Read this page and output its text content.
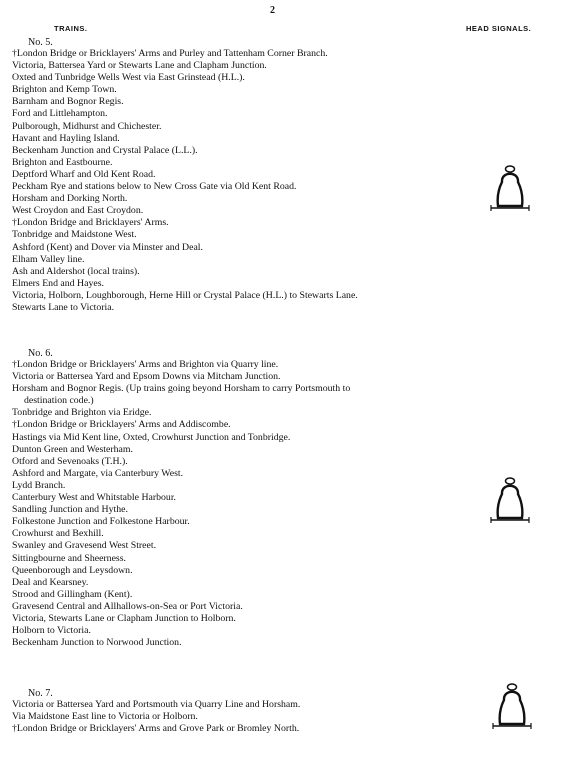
2
TRAINS.	HEAD SIGNALS.
No. 5.
†London Bridge or Bricklayers' Arms and Purley and Tattenham Corner Branch.
Victoria, Battersea Yard or Stewarts Lane and Clapham Junction.
Oxted and Tunbridge Wells West via East Grinstead (H.L.).
Brighton and Kemp Town.
Barnham and Bognor Regis.
Ford and Littlehampton.
Pulborough, Midhurst and Chichester.
Havant and Hayling Island.
Beckenham Junction and Crystal Palace (L.L.).
Brighton and Eastbourne.
Deptford Wharf and Old Kent Road.
Peckham Rye and stations below to New Cross Gate via Old Kent Road.
Horsham and Dorking North.
West Croydon and East Croydon.
†London Bridge and Bricklayers' Arms.
Tonbridge and Maidstone West.
Ashford (Kent) and Dover via Minster and Deal.
Elham Valley line.
Ash and Aldershot (local trains).
Elmers End and Hayes.
Victoria, Holborn, Loughborough, Herne Hill or Crystal Palace (H.L.) to Stewarts Lane.
Stewarts Lane to Victoria.
No. 6.
†London Bridge or Bricklayers' Arms and Brighton via Quarry line.
Victoria or Battersea Yard and Epsom Downs via Mitcham Junction.
Horsham and Bognor Regis. (Up trains going beyond Horsham to carry Portsmouth to
destination code.)
Tonbridge and Brighton via Eridge.
†London Bridge or Bricklayers' Arms and Addiscombe.
Hastings via Mid Kent line, Oxted, Crowhurst Junction and Tonbridge.
Dunton Green and Westerham.
Otford and Sevenoaks (T.H.).
Ashford and Margate, via Canterbury West.
Lydd Branch.
Canterbury West and Whitstable Harbour.
Sandling Junction and Hythe.
Folkestone Junction and Folkestone Harbour.
Crowhurst and Bexhill.
Swanley and Gravesend West Street.
Sittingbourne and Sheerness.
Queenborough and Leysdown.
Deal and Kearsney.
Strood and Gillingham (Kent).
Gravesend Central and Allhallows-on-Sea or Port Victoria.
Victoria, Stewarts Lane or Clapham Junction to Holborn.
Holborn to Victoria.
Beckenham Junction to Norwood Junction.
No. 7.
Victoria or Battersea Yard and Portsmouth via Quarry Line and Horsham.
Via Maidstone East line to Victoria or Holborn.
†London Bridge or Bricklayers' Arms and Grove Park or Bromley North.
